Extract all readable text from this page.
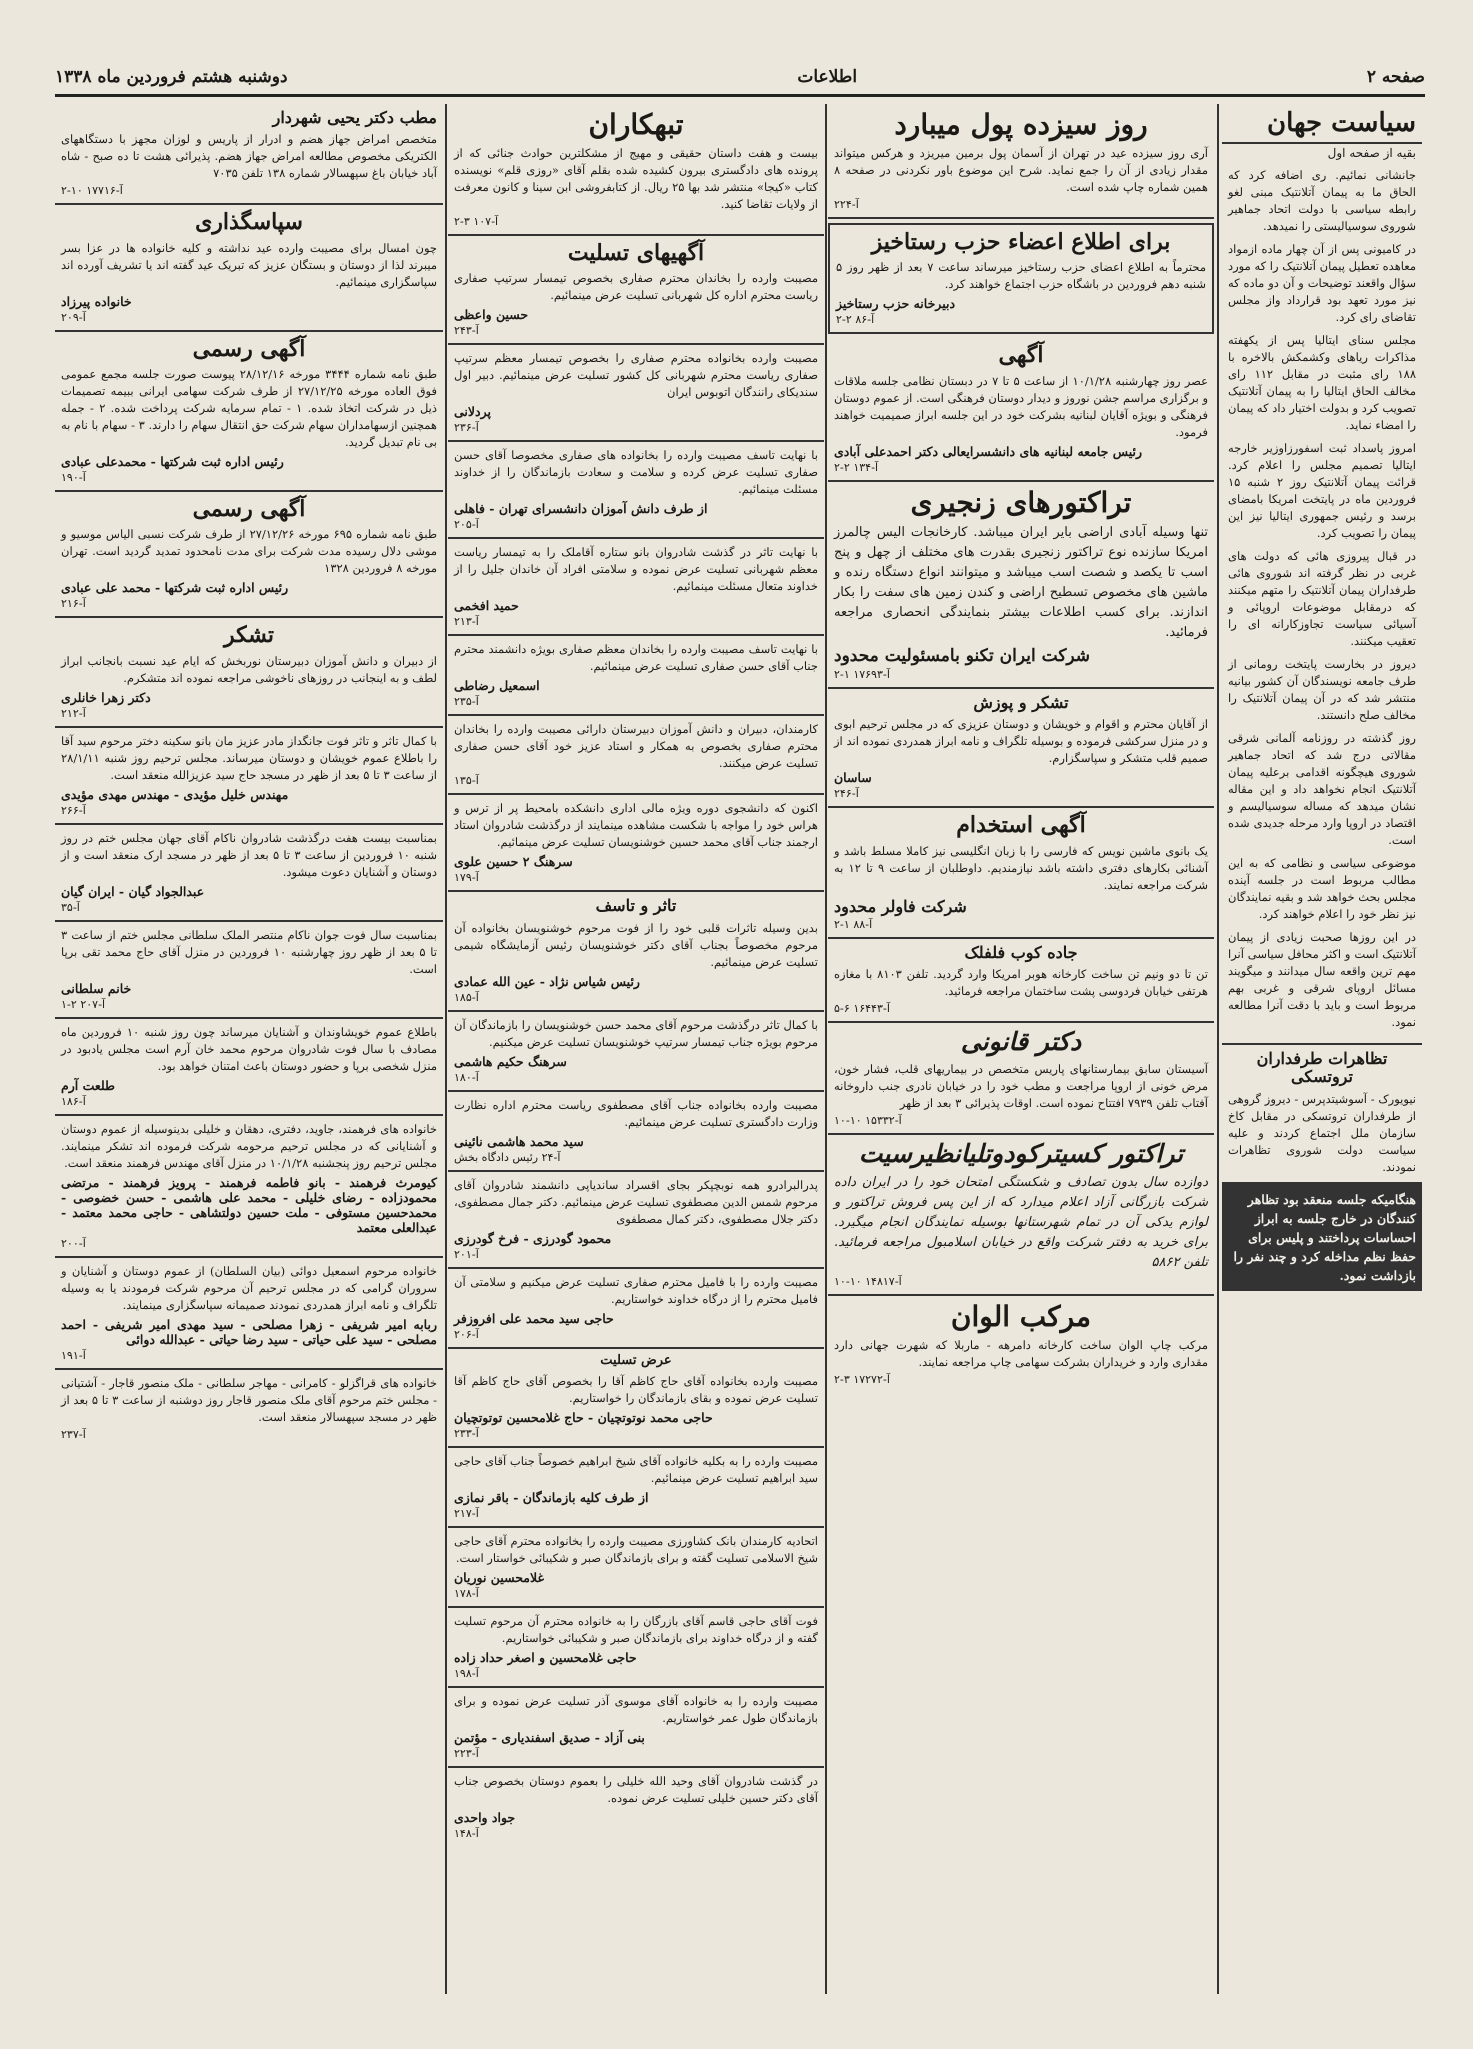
صفحه ۲
اطلاعات
دوشنبه هشتم فروردین ماه ۱۳۳۸
سیاست جهان
بقیه از صفحه اول

جانشانی نمائیم. ری اضافه کرد که الحاق ما به پیمان آتلانتیک مبنی لغو رابطه سیاسی با دولت اتحاد جماهیر شوروی سوسیالیستی را نمیدهد.

در کامیونی پس از آن چهار ماده ازمواد معاهده تعطیل پیمان آتلانتیک را که مورد سؤال واقعند توضیحات و آن دو ماده که نیز مورد تعهد بود قرارداد واز مجلس تقاضای رای کرد.

مجلس سنای ایتالیا پس از یکهفته مذاکرات ریاهای وکشمکش بالاخره با ۱۸۸ رای مثبت در مقابل ۱۱۲ رای مخالف الحاق ایتالیا را به پیمان آتلانتیک تصویب کرد و بدولت اختیار داد که پیمان را امضاء نماید.

امروز پاسداد ثبت اسفورزاوزیر خارجه ایتالیا تصمیم مجلس را اعلام کرد. قرائت پیمان آتلانتیک روز ۲ شنبه ۱۵ فروردین ماه در پایتخت امریکا بامضای برسد و رئیس جمهوری ایتالیا نیز این پیمان را تصویب کرد.

در قبال پیروزی هائی که دولت های غربی در نظر گرفته اند شوروی هائی طرفداران پیمان آتلانتیک را متهم میکنند که درمقابل موضوعات اروپائی و آسیائی سیاست تجاوزکارانه ای را تعقیب میکنند.

دیروز در بخارست پایتخت رومانی از طرف جامعه نویسندگان آن کشور بیانیه منتشر شد که در آن پیمان آتلانتیک را مخالف صلح دانستند.

روز گذشته در روزنامه آلمانی شرقی مقالاتی درج شد که اتحاد جماهیر شوروی هیچگونه اقدامی برعلیه پیمان آتلانتیک انجام نخواهد داد و این مقاله نشان میدهد که مساله سوسیالیسم و اقتصاد در اروپا وارد مرحله جدیدی شده است.

موضوعی سیاسی و نظامی که به این مطالب مربوط است در جلسه آینده مجلس بحث خواهد شد و بقیه نمایندگان نیز نظر خود را اعلام خواهند کرد.

در این روزها صحبت زیادی از پیمان آتلانتیک است و اکثر محافل سیاسی آنرا مهم ترین واقعه سال میدانند و میگویند مسائل اروپای شرقی و غربی بهم مربوط است و باید با دقت آنرا مطالعه نمود.

تظاهرات طرفداران تروتسکی

نیویورک - آسوشیتدپرس - دیروز گروهی از طرفداران تروتسکی در مقابل کاخ سازمان ملل اجتماع کردند و علیه سیاست دولت شوروی تظاهرات نمودند.

هنگامیکه جلسه منعقد بود تظاهر کنندگان در خارج جلسه به ابراز احساسات پرداختند و پلیس برای حفظ نظم مداخله کرد و چند نفر را بازداشت نمود.
روز سیزده پول میبارد

آری روز سیزده عید در تهران از آسمان پول برمین میریزد و هرکس میتواند مقدار زیادی از آن را جمع نماید. شرح این موضوع باور نکردنی در صفحه ۸ همین شماره چاپ شده است.

آ-۲۲۴
برای اطلاع اعضاء حزب رستاخیز

محترماً به اطلاع اعضای حزب رستاخیز میرساند ساعت ۷ بعد از ظهر روز ۵ شنبه دهم فروردین در باشگاه حزب اجتماع خواهند کرد.

دبیرخانه حزب رستاخیز
آ-۸۶ ۲-۲
آگهی

عصر روز چهارشنبه ۱۰/۱/۲۸ از ساعت ۵ تا ۷ در دبستان نظامی جلسه ملاقات و برگزاری مراسم جشن نوروز و دیدار دوستان فرهنگی است. از عموم دوستان فرهنگی و بویژه آقایان لبنانیه بشرکت خود در این جلسه ابراز صمیمیت خواهند فرمود.

رئیس جامعه لبنانیه های دانشسرایعالی دکتر احمدعلی آبادی
آ-۱۳۴ ۲-۲
تراکتورهای زنجیری

تنها وسیله آبادی اراضی بایر ایران میباشد. کارخانجات الیس چالمرز امریکا سازنده نوع تراکتور زنجیری بقدرت های مختلف از چهل و پنج اسب تا یکصد و شصت اسب میباشد و میتوانند انواع دستگاه رنده و ماشین های مخصوص تسطیح اراضی و کندن زمین های سفت را بکار اندازند. برای کسب اطلاعات بیشتر بنمایندگی انحصاری مراجعه فرمائید.

شرکت ایران تکنو بامسئولیت محدود
آ-۱۷۶۹۳ ۱-۲
تشکر و پوزش

از آقایان محترم و اقوام و خویشان و دوستان عزیزی که در مجلس ترحیم ابوی و در منزل سرکشی فرموده و بوسیله تلگراف و نامه ابراز همدردی نموده اند از صمیم قلب متشکر و سپاسگزارم.

ساسان
آ-۲۴۶
آگهی استخدام

یک بانوی ماشین نویس که فارسی را با زبان انگلیسی نیز کاملا مسلط باشد و آشنائی بکارهای دفتری داشته باشد نیازمندیم. داوطلبان از ساعت ۹ تا ۱۲ به شرکت مراجعه نمایند.

شرکت فاولر محدود
آ-۸۸ ۱-۲
جاده کوب فلفلک

تن تا دو ونیم تن ساخت کارخانه هوبر امریکا وارد گردید. تلفن ۸۱۰۳ با مغازه هرتفی خیابان فردوسی پشت ساختمان مراجعه فرمائید.

آ-۱۶۴۴۳ ۶-۵
دکتر قانونی

آسیستان سابق بیمارستانهای پاریس متخصص در بیماریهای قلب، فشار خون، مرض خونی از اروپا مراجعت و مطب خود را در خیابان نادری جنب داروخانه آفتاب تلفن ۷۹۳۹ افتتاح نموده است. اوقات پذیرائی ۳ بعد از ظهر

آ-۱۵۳۳۲ ۱۰-۱۰
تراکتور کسیترکودوتلیانظیرسیت

دوازده سال بدون تصادف و شکستگی امتحان خود را در ایران داده شرکت بازرگانی آزاد اعلام میدارد که از این پس فروش تراکتور و لوازم یدکی آن در تمام شهرستانها بوسیله نمایندگان انجام میگیرد. برای خرید به دفتر شرکت واقع در خیابان اسلامبول مراجعه فرمائید. تلفن ۵۸۶۲

آ-۱۴۸۱۷ ۱۰-۱۰
مرکب الوان

مرکب چاپ الوان ساخت کارخانه دامرهه - ماربلا که شهرت جهانی دارد مقداری وارد و خریداران بشرکت سهامی چاپ مراجعه نمایند.

آ-۱۷۲۷۲ ۳-۲
تبهکاران

بیست و هفت داستان حقیقی و مهیج از مشکلترین حوادث جنائی که از پرونده های دادگستری بیرون کشیده شده بقلم آقای «روزی قلم» نویسنده کتاب «کیجا» منتشر شد بها ۲۵ ریال. از کتابفروشی ابن سینا و کانون معرفت از ولایات تقاضا کنید.

آ-۱۰۷ ۳-۲
آگهیهای تسلیت

مصیبت وارده را بخاندان محترم صفاری بخصوص تیمسار سرتیپ صفاری ریاست محترم اداره کل شهربانی تسلیت عرض مینمائیم.

حسین واعظی
آ-۲۴۳

مصیبت وارده بخانواده محترم صفاری را بخصوص تیمسار معظم سرتیپ صفاری ریاست محترم شهربانی کل کشور تسلیت عرض مینمائیم. دبیر اول سندیکای رانندگان اتوبوس ایران

پردلانی
آ-۲۳۶

با نهایت تاسف مصیبت وارده را بخانواده های صفاری مخصوصا آقای حسن صفاری تسلیت عرض کرده و سلامت و سعادت بازماندگان را از خداوند مسئلت مینمائیم.

از طرف دانش آموزان دانشسرای تهران - فاهلی
آ-۲۰۵

با نهایت تاثر در گذشت شادروان بانو ستاره آقاملک را به تیمسار ریاست معظم شهربانی تسلیت عرض نموده و سلامتی افراد آن خاندان جلیل را از خداوند متعال مسئلت مینمائیم.

حمید افخمی
آ-۲۱۳

با نهایت تاسف مصیبت وارده را بخاندان معظم صفاری بویژه دانشمند محترم جناب آقای حسن صفاری تسلیت عرض مینمائیم.

اسمعیل رضاطی
آ-۲۳۵

کارمندان، دبیران و دانش آموزان دبیرستان دارائی مصیبت وارده را بخاندان محترم صفاری بخصوص به همکار و استاد عزیز خود آقای حسن صفاری تسلیت عرض میکنند.

آ-۱۳۵

اکنون که دانشجوی دوره ویژه مالی اداری دانشکده بامحیط پر از ترس و هراس خود را مواجه با شکست مشاهده مینمایند از درگذشت شادروان استاد ارجمند جناب آقای محمد حسین خوشنویسان تسلیت عرض مینمائیم.

سرهنگ ۲ حسین علوی
آ-۱۷۹
تاثر و تاسف

بدین وسیله تاثرات قلبی خود را از فوت مرحوم خوشنویسان بخانواده آن مرحوم مخصوصاً بجناب آقای دکتر خوشنویسان رئیس آزمایشگاه شیمی تسلیت عرض مینمائیم.

رئیس شیاس نژاد - عین الله عمادی
آ-۱۸۵

با کمال تاثر درگذشت مرحوم آقای محمد حسن خوشنویسان را بازماندگان آن مرحوم بویژه جناب تیمسار سرتیپ خوشنویسان تسلیت عرض میکنیم.

سرهنگ حکیم هاشمی
آ-۱۸۰

مصیبت وارده بخانواده جناب آقای مصطفوی ریاست محترم اداره نظارت وزارت دادگستری تسلیت عرض مینمائیم.

سید محمد هاشمی نائینی
آ-۲۴ رئیس دادگاه بخش

پدرالبرادرو همه نوبچپکر بجای اقسراد ساندیاپی دانشمند شادروان آقای مرحوم شمس الدین مصطفوی تسلیت عرض مینمائیم. دکتر جمال مصطفوی، دکتر جلال مصطفوی، دکتر کمال مصطفوی

محمود گودرزی - فرخ گودرزی
آ-۲۰۱

مصیبت وارده را با فامیل محترم صفاری تسلیت عرض میکنیم و سلامتی آن فامیل محترم را از درگاه خداوند خواستاریم.

حاجی سید محمد علی افروزفر
آ-۲۰۶
عرض تسلیت

مصیبت وارده بخانواده آقای حاج کاظم آقا را بخصوص آقای حاج کاظم آقا تسلیت عرض نموده و بقای بازماندگان را خواستاریم.

حاجی محمد نوتوتچیان - حاج غلامحسین توتوتچیان
آ-۲۳۳

مصیبت وارده را به بکلیه خانواده آقای شیخ ابراهیم خصوصاً جناب آقای حاجی سید ابراهیم تسلیت عرض مینمائیم.

از طرف کلیه بازماندگان - باقر نمازی
آ-۲۱۷

اتحادیه کارمندان بانک کشاورزی مصیبت وارده را بخانواده محترم آقای حاجی شیخ الاسلامی تسلیت گفته و برای بازماندگان صبر و شکیبائی خواستار است.

غلامحسین نوریان
آ-۱۷۸

فوت آقای حاجی قاسم آقای بازرگان را به خانواده محترم آن مرحوم تسلیت گفته و از درگاه خداوند برای بازماندگان صبر و شکیبائی خواستاریم.

حاجی غلامحسین و اصغر حداد زاده
آ-۱۹۸

مصیبت وارده را به خانواده آقای موسوی آذر تسلیت عرض نموده و برای بازماندگان طول عمر خواستاریم.

بنی آزاد - صدیق اسفندیاری - مؤتمن
آ-۲۲۳

در گذشت شادروان آقای وحید الله خلیلی را بعموم دوستان بخصوص جناب آقای دکتر حسین خلیلی تسلیت عرض نموده.

جواد واحدی
آ-۱۴۸
مطب دکتر یحیی شهردار

متخصص امراض جهاز هضم و ادرار از پاریس و لوزان مجهز با دستگاههای الکتریکی مخصوص مطالعه امراض جهاز هضم. پذیرائی هشت تا ده صبح - شاه آباد خیابان باغ سپهسالار شماره ۱۳۸ تلفن ۷۰۳۵

آ-۱۷۷۱۶ ۱۰-۲
سپاسگذاری

چون امسال برای مصیبت وارده عید نداشته و کلیه خانواده ها در عزا بسر میبرند لذا از دوستان و بستگان عزیز که تبریک عید گفته اند یا تشریف آورده اند سپاسگزاری مینمائیم.

خانواده پیرزاد
آ-۲۰۹
آگهی رسمی

طبق نامه شماره ۳۴۴۴ مورخه ۲۸/۱۲/۱۶ پیوست صورت جلسه مجمع عمومی فوق العاده مورخه ۲۷/۱۲/۲۵ از طرف شرکت سهامی ایرانی ببیمه تصمیمات ذیل در شرکت اتخاذ شده. ۱ - تمام سرمایه شرکت پرداخت شده. ۲ - جمله همچنین ازسهامداران سهام شرکت حق انتقال سهام را دارند. ۳ - سهام با نام به بی نام تبدیل گردید.

رئیس اداره ثبت شرکتها - محمدعلی عبادی
آ-۱۹۰
آگهی رسمی

طبق نامه شماره ۶۹۵ مورخه ۲۷/۱۲/۲۶ از طرف شرکت نسبی الیاس موسیو و موشی دلال رسیده مدت شرکت برای مدت نامحدود تمدید گردید است. تهران مورخه ۸ فروردین ۱۳۲۸

رئیس اداره ثبت شرکتها - محمد علی عبادی
آ-۲۱۶
تشکر

از دبیران و دانش آموزان دبیرستان نوربخش که ایام عید نسبت بانجانب ابراز لطف و به اینجانب در روزهای ناخوشی مراجعه نموده اند متشکرم.

دکتر زهرا خانلری
آ-۲۱۲

با کمال تاثر و تاثر فوت جانگداز مادر عزیز مان بانو سکینه دختر مرحوم سید آقا را باطلاع عموم خویشان و دوستان میرساند. مجلس ترحیم روز شنبه ۲۸/۱/۱۱ از ساعت ۳ تا ۵ بعد از ظهر در مسجد حاج سید عزیزالله منعقد است.

مهندس خلیل مؤیدی - مهندس مهدی مؤیدی
آ-۲۶۶

بمناسبت بیست هفت درگذشت شادروان ناکام آقای جهان مجلس ختم در روز شنبه ۱۰ فروردین از ساعت ۳ تا ۵ بعد از ظهر در مسجد ارک منعقد است و از دوستان و آشنایان دعوت میشود.

عبدالجواد گیان - ایران گیان
آ-۳۵

بمناسبت سال فوت جوان ناکام منتصر الملک سلطانی مجلس ختم از ساعت ۳ تا ۵ بعد از ظهر روز چهارشنبه ۱۰ فروردین در منزل آقای حاج محمد تقی برپا است.

خانم سلطانی
آ-۲۰۷ ۲-۱

باطلاع عموم خویشاوندان و آشنایان میرساند چون روز شنبه ۱۰ فروردین ماه مصادف با سال فوت شادروان مرحوم محمد خان آرم است مجلس یادبود در منزل شخصی برپا و حضور دوستان باعث امتنان خواهد بود.

طلعت آرم
آ-۱۸۶

خانواده های فرهمند، جاوید، دفتری، دهقان و خلیلی بدینوسیله از عموم دوستان و آشنایانی که در مجلس ترحیم مرحومه شرکت فرموده اند تشکر مینمایند. مجلس ترحیم روز پنجشنبه ۱۰/۱/۲۸ در منزل آقای مهندس فرهمند منعقد است.

کیومرث فرهمند - بانو فاطمه فرهمند - پرویز فرهمند - مرتضی محمودزاده - رضای خلیلی - محمد علی هاشمی - حسن خضوصی - محمدحسین مستوفی - ملت حسین دولتشاهی - حاجی محمد معتمد - عبدالعلی معتمد
آ-۲۰۰

خانواده مرحوم اسمعیل دوائی (بیان السلطان) از عموم دوستان و آشنایان و سروران گرامی که در مجلس ترحیم آن مرحوم شرکت فرمودند یا به وسیله تلگراف و نامه ابراز همدردی نمودند صمیمانه سپاسگزاری مینمایند.

ربابه امیر شریفی - زهرا مصلحی - سید مهدی امیر شریفی - احمد مصلحی - سید علی حیاتی - سید رضا حیاتی - عبدالله دوائی
آ-۱۹۱

خانواده های قراگزلو - کامرانی - مهاجر سلطانی - ملک منصور قاجار - آشتیانی - مجلس ختم مرحوم آقای ملک منصور قاجار روز دوشنبه از ساعت ۳ تا ۵ بعد از ظهر در مسجد سپهسالار منعقد است.

آ-۲۳۷
